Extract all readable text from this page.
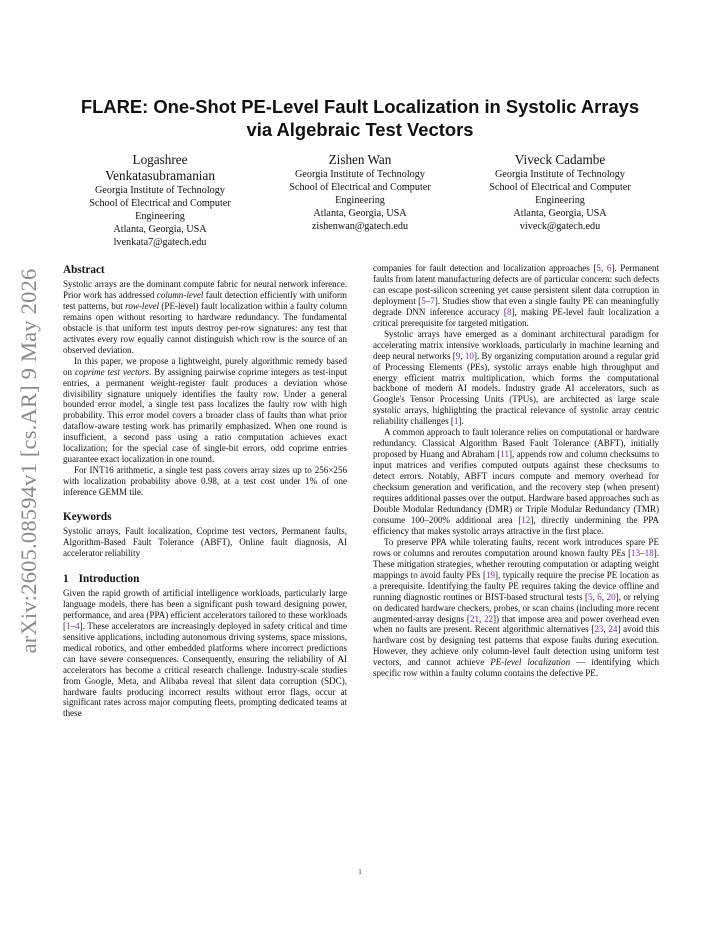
arXiv:2605.08594v1 [cs.AR] 9 May 2026
FLARE: One-Shot PE-Level Fault Localization in Systolic Arrays
via Algebraic Test Vectors
Logashree
Venkatasubramanian
Georgia Institute of Technology
School of Electrical and Computer
Engineering
Atlanta, Georgia, USA
lvenkata7@gatech.edu
Zishen Wan
Georgia Institute of Technology
School of Electrical and Computer
Engineering
Atlanta, Georgia, USA
zishenwan@gatech.edu
Viveck Cadambe
Georgia Institute of Technology
School of Electrical and Computer
Engineering
Atlanta, Georgia, USA
viveck@gatech.edu
Abstract

Systolic arrays are the dominant compute fabric for neural network inference. Prior work has addressed column-level fault detection efficiently with uniform test patterns, but row-level (PE-level) fault localization within a faulty column remains open without resorting to hardware redundancy. The fundamental obstacle is that uniform test inputs destroy per-row signatures: any test that activates every row equally cannot distinguish which row is the source of an observed deviation.

In this paper, we propose a lightweight, purely algorithmic remedy based on coprime test vectors. By assigning pairwise coprime integers as test-input entries, a permanent weight-register fault produces a deviation whose divisibility signature uniquely identifies the faulty row. Under a general bounded error model, a single test pass localizes the faulty row with high probability. This error model covers a broader class of faults than what prior dataflow-aware testing work has primarily emphasized. When one round is insufficient, a second pass using a ratio computation achieves exact localization; for the special case of single-bit errors, odd coprime entries guarantee exact localization in one round.

For INT16 arithmetic, a single test pass covers array sizes up to 256×256 with localization probability above 0.98, at a test cost under 1% of one inference GEMM tile.

Keywords

Systolic arrays, Fault localization, Coprime test vectors, Permanent faults, Algorithm-Based Fault Tolerance (ABFT), Online fault diagnosis, AI accelerator reliability

1 Introduction

Given the rapid growth of artificial intelligence workloads, particularly large language models, there has been a significant push toward designing power, performance, and area (PPA) efficient accelerators tailored to these workloads [1–4]. These accelerators are increasingly deployed in safety critical and time sensitive applications, including autonomous driving systems, space missions, medical robotics, and other embedded platforms where incorrect predictions can have severe consequences. Consequently, ensuring the reliability of AI accelerators has become a critical research challenge. Industry-scale studies from Google, Meta, and Alibaba reveal that silent data corruption (SDC), hardware faults producing incorrect results without error flags, occur at significant rates across major computing fleets, prompting dedicated teams at these

companies for fault detection and localization approaches [5, 6]. Permanent faults from latent manufacturing defects are of particular concern: such defects can escape post-silicon screening yet cause persistent silent data corruption in deployment [5–7]. Studies show that even a single faulty PE can meaningfully degrade DNN inference accuracy [8], making PE-level fault localization a critical prerequisite for targeted mitigation.

Systolic arrays have emerged as a dominant architectural paradigm for accelerating matrix intensive workloads, particularly in machine learning and deep neural networks [9, 10]. By organizing computation around a regular grid of Processing Elements (PEs), systolic arrays enable high throughput and energy efficient matrix multiplication, which forms the computational backbone of modern AI models. Industry grade AI accelerators, such as Google's Tensor Processing Units (TPUs), are architected as large scale systolic arrays, highlighting the practical relevance of systolic array centric reliability challenges [1].

A common approach to fault tolerance relies on computational or hardware redundancy. Classical Algorithm Based Fault Tolerance (ABFT), initially proposed by Huang and Abraham [11], appends row and column checksums to input matrices and verifies computed outputs against these checksums to detect errors. Notably, ABFT incurs compute and memory overhead for checksum generation and verification, and the recovery step (when present) requires additional passes over the output. Hardware based approaches such as Double Modular Redundancy (DMR) or Triple Modular Redundancy (TMR) consume 100–200% additional area [12], directly undermining the PPA efficiency that makes systolic arrays attractive in the first place.

To preserve PPA while tolerating faults, recent work introduces spare PE rows or columns and reroutes computation around known faulty PEs [13–18]. These mitigation strategies, whether rerouting computation or adapting weight mappings to avoid faulty PEs [19], typically require the precise PE location as a prerequisite. Identifying the faulty PE requires taking the device offline and running diagnostic routines or BIST-based structural tests [5, 6, 20], or relying on dedicated hardware checkers, probes, or scan chains (including more recent augmented-array designs [21, 22]) that impose area and power overhead even when no faults are present. Recent algorithmic alternatives [23, 24] avoid this hardware cost by designing test patterns that expose faults during execution. However, they achieve only column-level fault detection using uniform test vectors, and cannot achieve PE-level localization — identifying which specific row within a faulty column contains the defective PE.

1
